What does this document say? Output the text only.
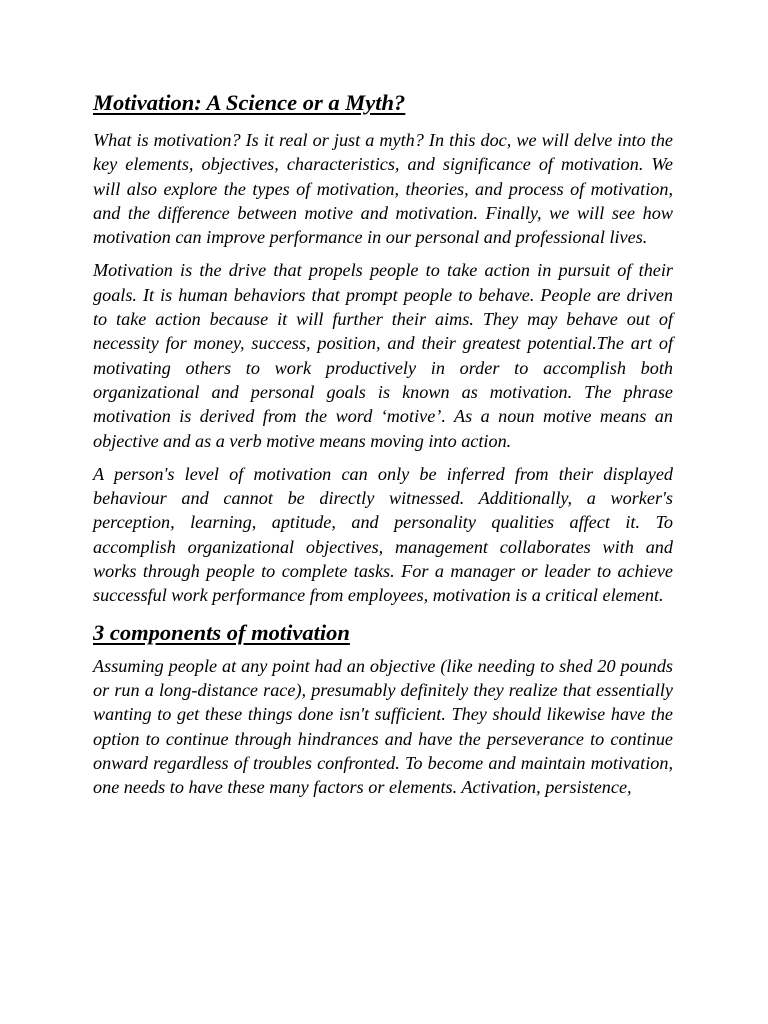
Motivation: A Science or a Myth?

What is motivation? Is it real or just a myth? In this doc, we will delve into the key elements, objectives, characteristics, and significance of motivation. We will also explore the types of motivation, theories, and process of motivation, and the difference between motive and motivation. Finally, we will see how motivation can improve performance in our personal and professional lives.

Motivation is the drive that propels people to take action in pursuit of their goals. It is human behaviors that prompt people to behave. People are driven to take action because it will further their aims. They may behave out of necessity for money, success, position, and their greatest potential.The art of motivating others to work productively in order to accomplish both organizational and personal goals is known as motivation. The phrase motivation is derived from the word ‘motive’. As a noun motive means an objective and as a verb motive means moving into action.

A person's level of motivation can only be inferred from their displayed behaviour and cannot be directly witnessed. Additionally, a worker's perception, learning, aptitude, and personality qualities affect it. To accomplish organizational objectives, management collaborates with and works through people to complete tasks. For a manager or leader to achieve successful work performance from employees, motivation is a critical element.

3 components of motivation

Assuming people at any point had an objective (like needing to shed 20 pounds or run a long-distance race), presumably definitely they realize that essentially wanting to get these things done isn't sufficient. They should likewise have the option to continue through hindrances and have the perseverance to continue onward regardless of troubles confronted. To become and maintain motivation, one needs to have these many factors or elements. Activation, persistence,
